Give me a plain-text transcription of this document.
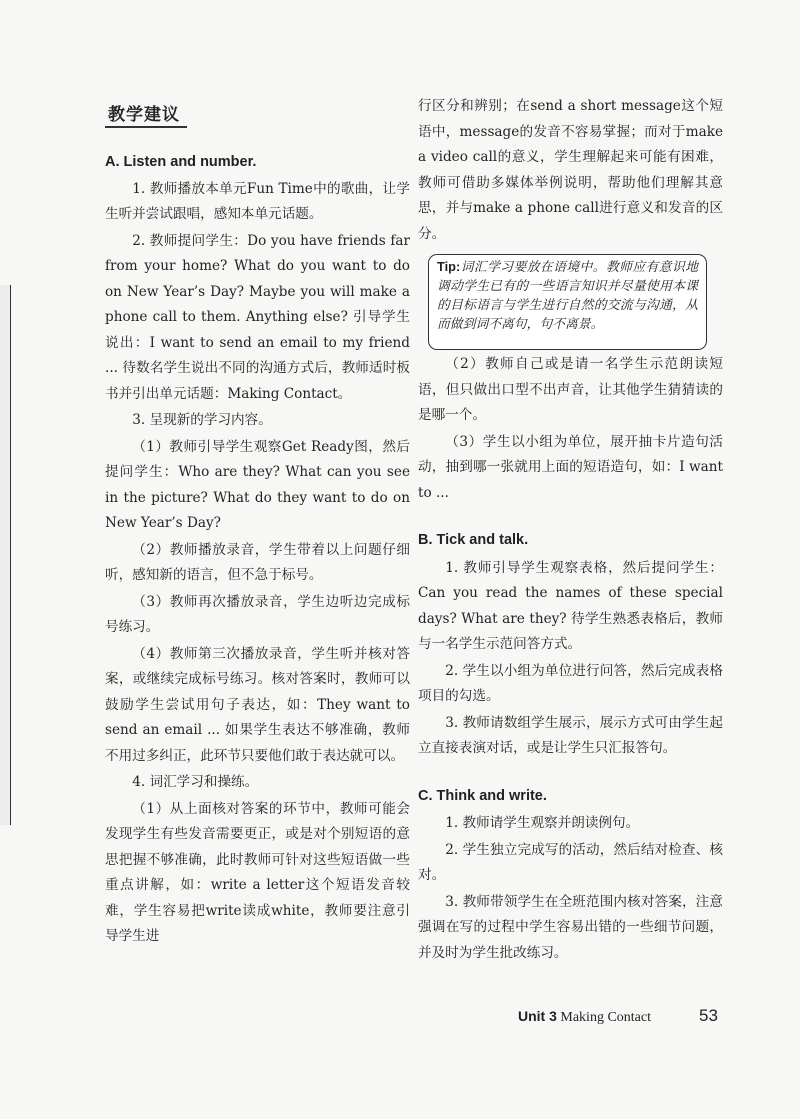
教学建议

A. Listen and number.

1. 教师播放本单元Fun Time中的歌曲，让学生听并尝试跟唱，感知本单元话题。

2. 教师提问学生：Do you have friends far from your home? What do you want to do on New Year’s Day? Maybe you will make a phone call to them. Anything else? 引导学生说出：I want to send an email to my friend ... 待数名学生说出不同的沟通方式后，教师适时板书并引出单元话题：Making Contact。

3. 呈现新的学习内容。

（1）教师引导学生观察Get Ready图，然后提问学生：Who are they? What can you see in the picture? What do they want to do on New Year’s Day?

（2）教师播放录音，学生带着以上问题仔细听，感知新的语言，但不急于标号。

（3）教师再次播放录音，学生边听边完成标号练习。

（4）教师第三次播放录音，学生听并核对答案，或继续完成标号练习。核对答案时，教师可以鼓励学生尝试用句子表达，如：They want to send an email ... 如果学生表达不够准确，教师不用过多纠正，此环节只要他们敢于表达就可以。

4. 词汇学习和操练。

（1）从上面核对答案的环节中，教师可能会发现学生有些发音需要更正，或是对个别短语的意思把握不够准确，此时教师可针对这些短语做一些重点讲解，如：write a letter这个短语发音较难，学生容易把write读成white，教师要注意引导学生进

行区分和辨别；在send a short message这个短语中，message的发音不容易掌握；而对于make a video call的意义，学生理解起来可能有困难，教师可借助多媒体举例说明，帮助他们理解其意思，并与make a phone call进行意义和发音的区分。

Tip:词汇学习要放在语境中。教师应有意识地调动学生已有的一些语言知识并尽量使用本课的目标语言与学生进行自然的交流与沟通，从而做到词不离句，句不离景。

（2）教师自己或是请一名学生示范朗读短语，但只做出口型不出声音，让其他学生猜猜读的是哪一个。

（3）学生以小组为单位，展开抽卡片造句活动，抽到哪一张就用上面的短语造句，如：I want to ...

B. Tick and talk.

1. 教师引导学生观察表格，然后提问学生：Can you read the names of these special days? What are they? 待学生熟悉表格后，教师与一名学生示范问答方式。

2. 学生以小组为单位进行问答，然后完成表格项目的勾选。

3. 教师请数组学生展示，展示方式可由学生起立直接表演对话，或是让学生只汇报答句。

C. Think and write.

1. 教师请学生观察并朗读例句。

2. 学生独立完成写的活动，然后结对检查、核对。

3. 教师带领学生在全班范围内核对答案，注意强调在写的过程中学生容易出错的一些细节问题，并及时为学生批改练习。

Unit 3 Making Contact	53
